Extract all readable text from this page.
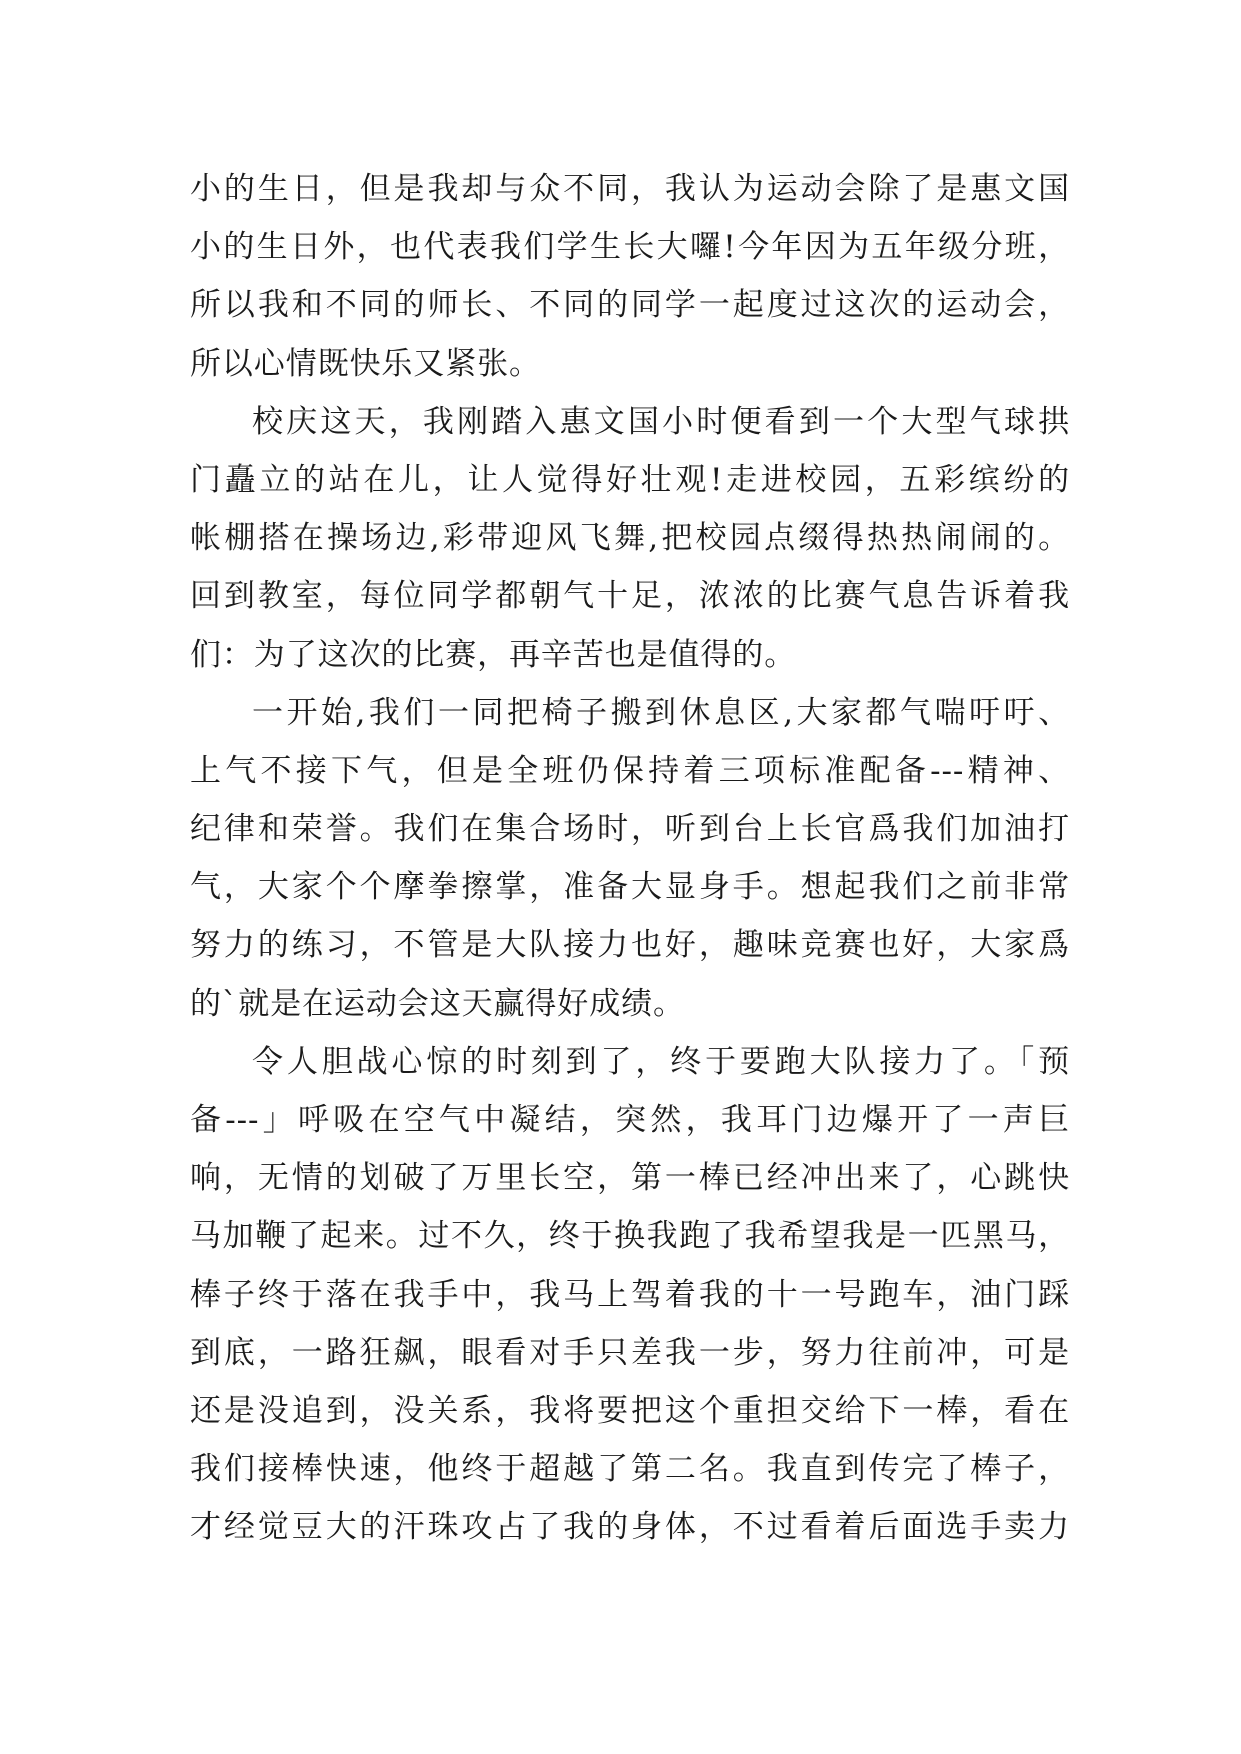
小的生日，但是我却与众不同，我认为运动会除了是惠文国
小的生日外，也代表我们学生长大囉!今年因为五年级分班，
所以我和不同的师长、不同的同学一起度过这次的运动会，
所以心情既快乐又紧张。
校庆这天，我刚踏入惠文国小时便看到一个大型气球拱
门矗立的站在儿，让人觉得好壮观!走进校园，五彩缤纷的
帐棚搭在操场边,彩带迎风飞舞,把校园点缀得热热闹闹的。
回到教室，每位同学都朝气十足，浓浓的比赛气息告诉着我
们：为了这次的比赛，再辛苦也是值得的。
一开始,我们一同把椅子搬到休息区,大家都气喘吁吁、
上气不接下气，但是全班仍保持着三项标准配备---精神、
纪律和荣誉。我们在集合场时，听到台上长官爲我们加油打
气，大家个个摩拳擦掌，准备大显身手。想起我们之前非常
努力的练习，不管是大队接力也好，趣味竞赛也好，大家爲
的`就是在运动会这天赢得好成绩。
令人胆战心惊的时刻到了，终于要跑大队接力了。「预
备---」呼吸在空气中凝结，突然，我耳门边爆开了一声巨
响，无情的划破了万里长空，第一棒已经冲出来了，心跳快
马加鞭了起来。过不久，终于换我跑了我希望我是一匹黑马，
棒子终于落在我手中，我马上驾着我的十一号跑车，油门踩
到底，一路狂飙，眼看对手只差我一步，努力往前冲，可是
还是没追到，没关系，我将要把这个重担交给下一棒，看在
我们接棒快速，他终于超越了第二名。我直到传完了棒子，
才经觉豆大的汗珠攻占了我的身体，不过看着后面选手卖力
